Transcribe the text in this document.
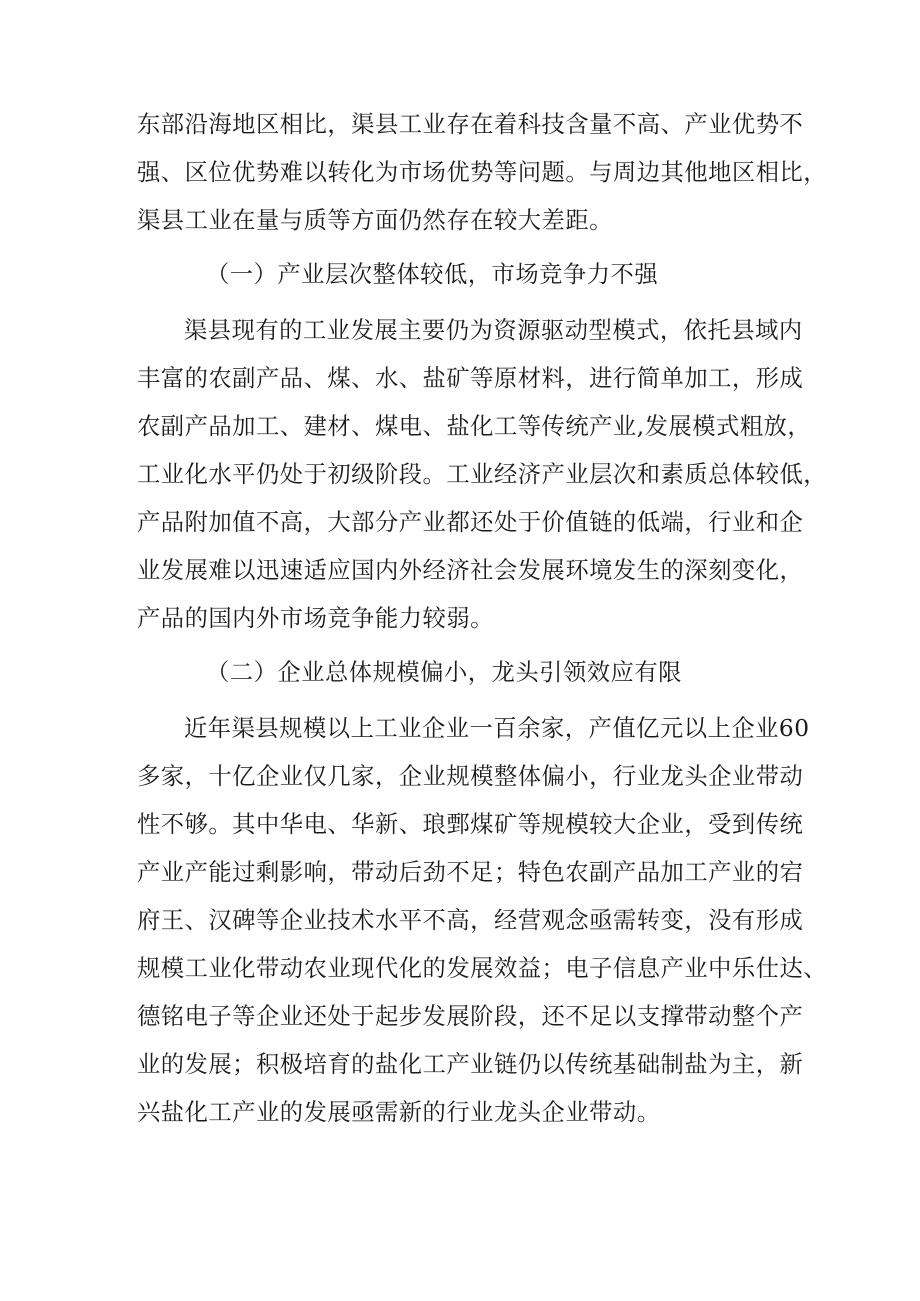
东部沿海地区相比，渠县工业存在着科技含量不高、产业优势不
强、区位优势难以转化为市场优势等问题。与周边其他地区相比，
渠县工业在量与质等方面仍然存在较大差距。
（一）产业层次整体较低，市场竞争力不强
渠县现有的工业发展主要仍为资源驱动型模式，依托县域内
丰富的农副产品、煤、水、盐矿等原材料，进行简单加工，形成
农副产品加工、建材、煤电、盐化工等传统产业,发展模式粗放，
工业化水平仍处于初级阶段。工业经济产业层次和素质总体较低，
产品附加值不高，大部分产业都还处于价值链的低端，行业和企
业发展难以迅速适应国内外经济社会发展环境发生的深刻变化，
产品的国内外市场竞争能力较弱。
（二）企业总体规模偏小，龙头引领效应有限
近年渠县规模以上工业企业一百余家，产值亿元以上企业60
多家，十亿企业仅几家，企业规模整体偏小，行业龙头企业带动
性不够。其中华电、华新、琅鄄煤矿等规模较大企业，受到传统
产业产能过剩影响，带动后劲不足；特色农副产品加工产业的宕
府王、汉碑等企业技术水平不高，经营观念亟需转变，没有形成
规模工业化带动农业现代化的发展效益；电子信息产业中乐仕达、
德铭电子等企业还处于起步发展阶段，还不足以支撑带动整个产
业的发展；积极培育的盐化工产业链仍以传统基础制盐为主，新
兴盐化工产业的发展亟需新的行业龙头企业带动。
